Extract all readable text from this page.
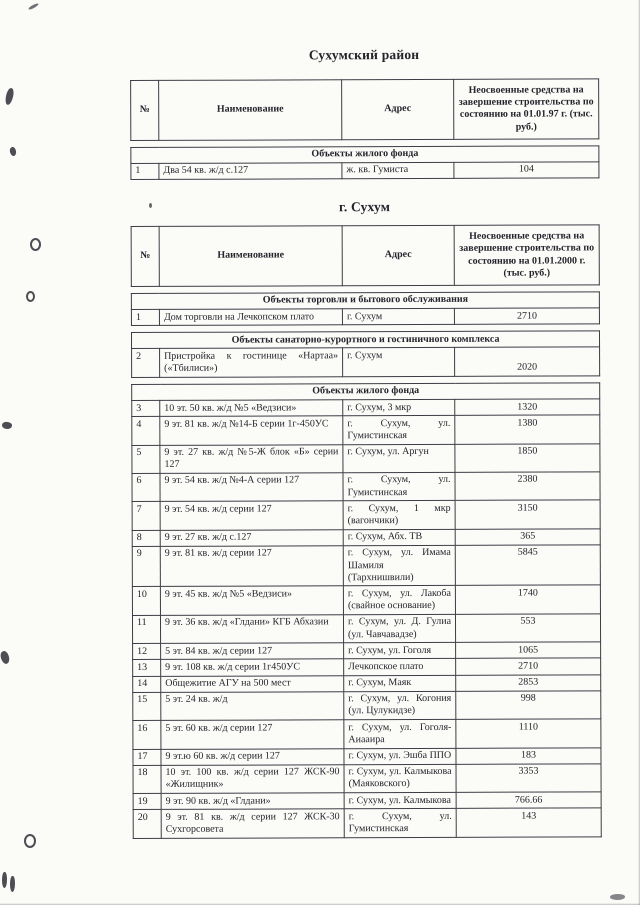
Сухумский район
№	Наименование	Адрес	Неосвоенные средства на завершение строительства по состоянию на 01.01.97 г. (тыс. руб.)
Объекты жилого фонда
1	Два 54 кв. ж/д с.127	ж. кв. Гумиста	104
г. Сухум
№	Наименование	Адрес	Неосвоенные средства на завершение строительства по состоянию на 01.01.2000 г. (тыс. руб.)
Объекты торговли и бытового обслуживания
1	Дом торговли на Лечкопском плато	г. Сухум	2710
Объекты санаторно-курортного и гостиничного комплекса
2	Пристройка к гостинице «Нартаа» («Тбилиси»)	г. Сухум	2020
Объекты жилого фонда			
3	10 эт. 50 кв. ж/д №5 «Ведзиси»	г. Сухум, 3 мкр	1320
4	9 эт. 81 кв. ж/д №14-Б серии 1г-450УС	г. Сухум, ул. Гумистинская	1380
5	9 эт. 27 кв. ж/д №5-Ж блок «Б» серии 127	г. Сухум, ул. Аргун	1850
6	9 эт. 54 кв. ж/д №4-А серии 127	г. Сухум, ул. Гумистинская	2380
7	9 эт. 54 кв. ж/д серии 127	г. Сухум, 1 мкр (вагончики)	3150
8	9 эт. 27 кв. ж/д с.127	г. Сухум, Абх. ТВ	365
9	9 эт. 81 кв. ж/д серии 127	г. Сухум, ул. Имама Шамиля (Тархнишвили)	5845
10	9 эт. 45 кв. ж/д №5 «Ведзиси»	г. Сухум, ул. Лакоба (свайное основание)	1740
11	9 эт. 36 кв. ж/д «Глдани» КГБ Абхазии	г. Сухум, ул. Д. Гулиа (ул. Чавчавадзе)	553
12	5 эт. 84 кв. ж/д серии 127	г. Сухум, ул. Гоголя	1065
13	9 эт. 108 кв. ж/д серии 1г450УС	Лечкопское плато	2710
14	Общежитие АГУ на 500 мест	г. Сухум, Маяк	2853
15	5 эт. 24 кв. ж/д	г. Сухум, ул. Когония (ул. Цулукидзе)	998
16	5 эт. 60 кв. ж/д серии 127	г. Сухум, ул. Гоголя-Аиааира	1110
17	9 эт.ю 60 кв. ж/д серии 127	г. Сухум, ул. Эшба ППО	183
18	10 эт. 100 кв. ж/д серии 127 ЖСК-90 «Жилищник»	г. Сухум, ул. Калмыкова (Маяковского)	3353
19	9 эт. 90 кв. ж/д «Глдани»	г. Сухум, ул. Калмыкова	766.66
20	9 эт. 81 кв. ж/д серии 127 ЖСК-30 Сухгорсовета	г. Сухум, ул. Гумистинская	143
